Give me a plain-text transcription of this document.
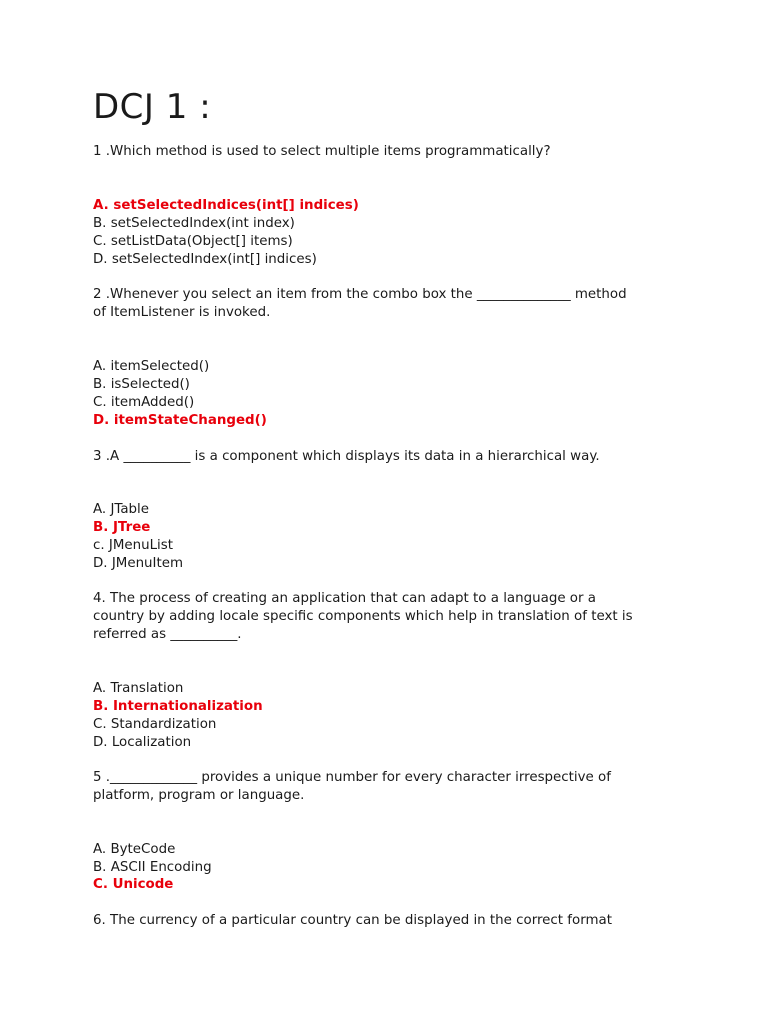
DCJ 1 :
1 .Which method is used to select multiple items programmatically?
A. setSelectedIndices(int[] indices)
B. setSelectedIndex(int index)
C. setListData(Object[] items)
D. setSelectedIndex(int[] indices)
2 .Whenever you select an item from the combo box the ______________ method
of ItemListener is invoked.
A. itemSelected()
B. isSelected()
C. itemAdded()
D. itemStateChanged()
3 .A __________ is a component which displays its data in a hierarchical way.
A. JTable
B. JTree
c. JMenuList
D. JMenuItem
4. The process of creating an application that can adapt to a language or a
country by adding locale specific components which help in translation of text is
referred as __________.
A. Translation
B. Internationalization
C. Standardization
D. Localization
5 ._____________ provides a unique number for every character irrespective of
platform, program or language.
A. ByteCode
B. ASCII Encoding
C. Unicode
6. The currency of a particular country can be displayed in the correct format
